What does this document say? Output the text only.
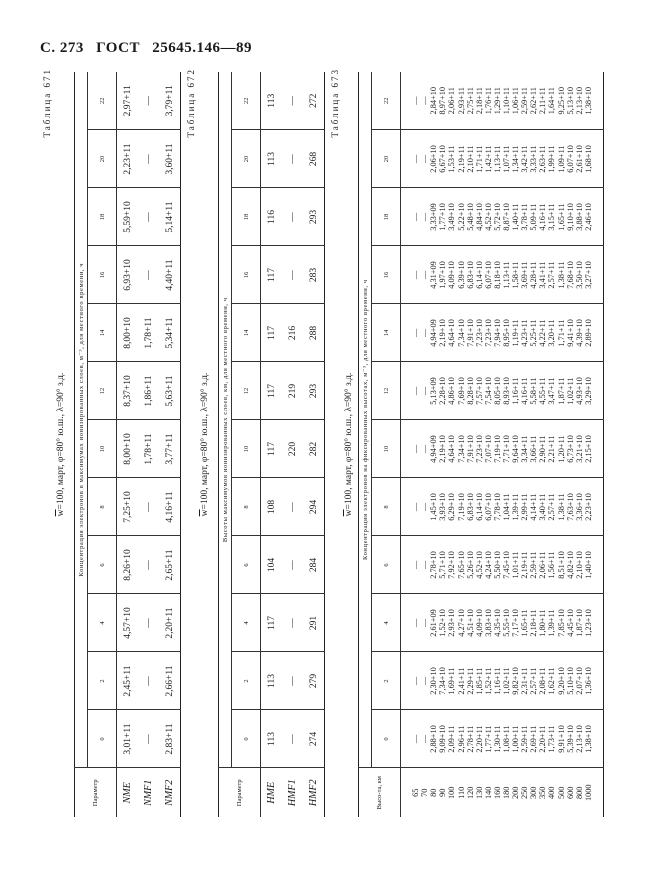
С. 273 ГОСТ 25645.146—89
Таблица 671
$\overline{w}=100$, март, φ=80° ю.ш., λ=90° з.д.
Параметр	Концентрация электронов в максимумах ионизированных слоев, м⁻³, для местного времени, ч											
	0	2	4	6	8	10	12	14	16	18	20	22
NME	3,01+11	2,45+11	4,57+10	8,26+10	7,25+10	8,00+10	8,37+10	8,00+10	6,93+10	5,59+10	2,23+11	2,97+11
NMF1	—	—	—	—	—	1,78+11	1,86+11	1,78+11	—	—	—	—
NMF2	2,83+11	2,66+11	2,20+11	2,65+11	4,16+11	3,77+11	5,63+11	5,34+11	4,40+11	5,14+11	3,60+11	3,79+11 Таблица 672
$\overline{w}=100$, март, φ=80° ю.ш., λ=90° з.д.
Параметр	Высоты максимумов ионизированных слоев, км, для местного времени, ч											
	0	2	4	6	8	10	12	14	16	18	20	22
HME	113	113	117	104	108	117	117	117	117	116	113	113
HMF1	—	—	—	—	—	220	219	216	—	—	—	—
HMF2	274	279	291	284	294	282	293	288	283	293	268	272 Таблица 673
$\overline{w}=100$, март, φ=80° ю.ш., λ=90° з.д.
Высо-та, км	Концентрация электронов на фиксированных высотах, м⁻³, для местного времени, ч											
	0	2	4	6	8	10	12	14	16	18	20	22

65	—	—	—	—	—	—	—	—	—	—	—	—
70	—	—	—	—	—	—	—	—	—	—	—	—
80	2,88+10	2,30+10	2,61+09	2,78+10	1,45+10	4,94+09	5,13+09	4,94+09	4,31+09	3,33+09	2,06+10	2,84+10
90	9,09+10	7,34+10	1,52+10	5,71+10	3,93+10	2,19+10	2,28+10	2,19+10	1,97+10	1,77+10	6,67+10	8,97+10
100	2,09+11	1,69+11	2,93+10	7,92+10	6,29+10	4,64+10	4,86+10	4,64+10	4,09+10	3,49+10	1,53+11	2,06+11
110	2,96+11	2,41+11	4,27+10	7,65+10	7,19+10	7,34+10	7,69+10	7,34+10	6,39+10	5,22+10	2,19+11	2,93+11
120	2,78+11	2,29+11	4,51+10	5,26+10	6,83+10	7,91+10	8,28+10	7,91+10	6,83+10	5,48+10	2,10+11	2,75+11
130	2,20+11	1,85+11	4,09+10	4,52+10	6,14+10	7,23+10	7,57+10	7,23+10	6,14+10	4,84+10	1,71+11	2,18+11
140	1,77+11	1,52+11	3,83+10	4,24+10	6,07+10	7,07+10	7,54+10	7,23+10	6,07+10	4,52+10	1,42+11	1,76+11
160	1,30+11	1,16+11	4,35+10	5,50+10	7,78+10	7,19+10	8,05+10	7,94+10	8,18+10	5,72+10	1,13+11	1,29+11
180	1,08+11	1,02+11	5,55+10	7,45+10	1,04+11	7,71+10	8,93+10	8,95+10	1,13+11	8,87+10	1,07+11	1,10+11
200	1,00+11	9,82+10	7,17+10	1,01+11	1,39+11	9,64+10	1,16+11	1,19+11	1,58+11	1,40+11	1,34+11	1,06+11
250	2,59+11	2,31+11	1,65+11	2,19+11	2,99+11	3,34+11	4,16+11	4,23+11	3,69+11	3,78+11	3,42+11	2,59+11
300	2,69+11	2,57+11	2,18+11	2,59+11	4,14+11	3,66+11	5,58+11	5,25+11	4,28+11	5,09+11	3,33+11	2,62+11
350	2,20+11	2,08+11	1,80+11	2,06+11	3,40+11	2,90+11	4,55+11	4,22+11	3,41+11	4,16+11	2,63+11	2,11+11
400	1,73+11	1,62+11	1,39+11	1,56+11	2,57+11	2,21+11	3,47+11	3,20+11	2,57+11	3,15+11	1,99+11	1,64+11
500	9,91+10	9,20+10	7,85+10	8,51+10	1,38+11	1,20+11	1,87+11	1,71+11	1,38+11	1,65+11	1,09+11	9,25+10
600	5,39+10	5,10+10	4,45+10	4,82+10	7,63+10	6,73+10	1,02+11	9,41+10	7,68+10	9,10+10	6,07+10	5,13+10
800	2,13+10	2,07+10	1,87+10	2,10+10	3,36+10	3,21+10	4,93+10	4,39+10	3,50+10	3,88+10	2,61+10	2,13+10
1000	1,38+10	1,36+10	1,23+10	1,40+10	2,23+10	2,15+10	3,29+10	2,89+10	3,27+10	2,46+10	1,68+10	1,38+10
